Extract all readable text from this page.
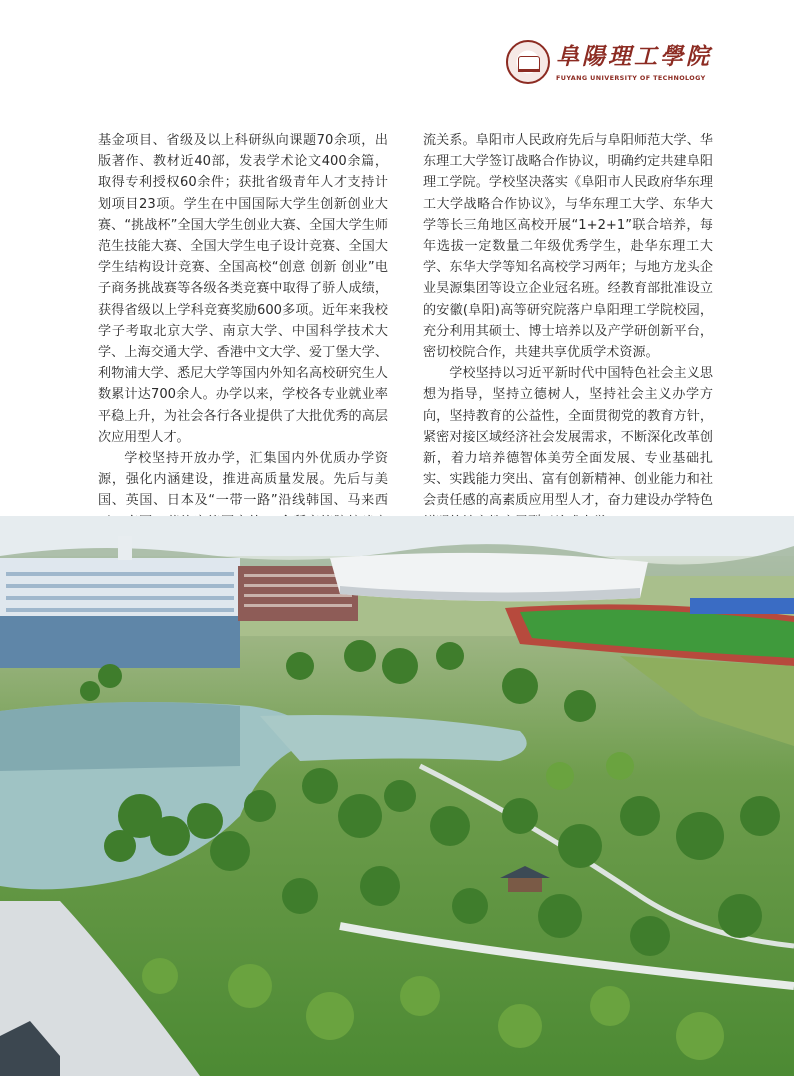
阜陽理工學院
FUYANG UNIVERSITY OF TECHNOLOGY

基金项目、省级及以上科研纵向课题70余项，出版著作、教材近40部，发表学术论文400余篇，取得专利授权60余件；获批省级青年人才支持计划项目23项。学生在中国国际大学生创新创业大赛、“挑战杯”全国大学生创业大赛、全国大学生师范生技能大赛、全国大学生电子设计竞赛、全国大学生结构设计竞赛、全国高校“创意 创新 创业”电子商务挑战赛等各级各类竞赛中取得了骄人成绩，获得省级以上学科竞赛奖励600多项。近年来我校学子考取北京大学、南京大学、中国科学技术大学、上海交通大学、香港中文大学、爱丁堡大学、利物浦大学、悉尼大学等国内外知名高校研究生人数累计达700余人。办学以来，学校各专业就业率平稳上升，为社会各行各业提供了大批优秀的高层次应用型人才。

学校坚持开放办学，汇集国内外优质办学资源，强化内涵建设，推进高质量发展。先后与美国、英国、日本及“一带一路”沿线韩国、马来西

流关系。阜阳市人民政府先后与阜阳师范大学、华东理工大学签订战略合作协议，明确约定共建阜阳理工学院。学校坚决落实《阜阳市人民政府华东理工大学战略合作协议》，与华东理工大学、东华大学等长三角地区高校开展“1+2+1”联合培养，每年选拔一定数量二年级优秀学生，赴华东理工大学、东华大学等知名高校学习两年；与地方龙头企业昊源集团等设立企业冠名班。经教育部批准设立的安徽(阜阳)高等研究院落户阜阳理工学院校园，充分利用其硕士、博士培养以及产学研创新平台，密切校院合作，共建共享优质学术资源。

学校坚持以习近平新时代中国特色社会主义思想为指导，坚持立德树人，坚持社会主义办学方向，坚持教育的公益性，全面贯彻党的教育方针，紧密对接区域经济社会发展需求，不断深化改革创新，着力培养德智体美劳全面发展、专业基础扎实、实践能力突出、富有创新精神、创业能力和社会责任感的高素质应用型人才，奋力建设办学特色
